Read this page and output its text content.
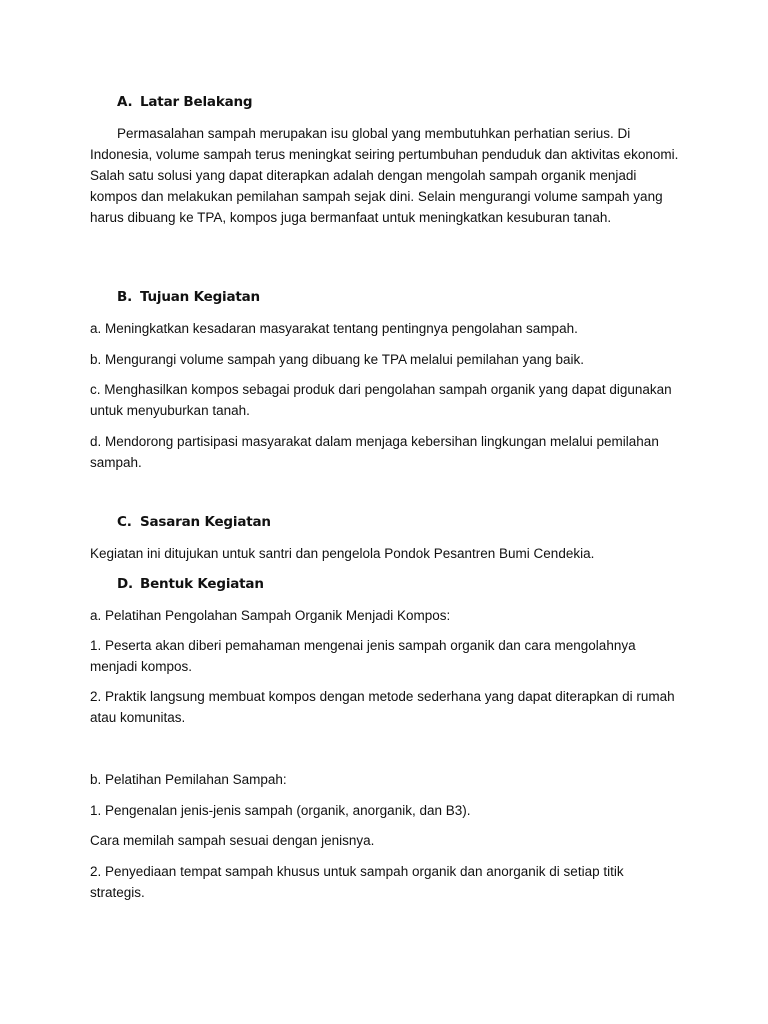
A. Latar Belakang

Permasalahan sampah merupakan isu global yang membutuhkan perhatian serius. Di Indonesia, volume sampah terus meningkat seiring pertumbuhan penduduk dan aktivitas ekonomi. Salah satu solusi yang dapat diterapkan adalah dengan mengolah sampah organik menjadi kompos dan melakukan pemilahan sampah sejak dini. Selain mengurangi volume sampah yang harus dibuang ke TPA, kompos juga bermanfaat untuk meningkatkan kesuburan tanah.

B. Tujuan Kegiatan

a. Meningkatkan kesadaran masyarakat tentang pentingnya pengolahan sampah.

b. Mengurangi volume sampah yang dibuang ke TPA melalui pemilahan yang baik.

c. Menghasilkan kompos sebagai produk dari pengolahan sampah organik yang dapat digunakan untuk menyuburkan tanah.

d. Mendorong partisipasi masyarakat dalam menjaga kebersihan lingkungan melalui pemilahan sampah.

C. Sasaran Kegiatan

Kegiatan ini ditujukan untuk santri dan pengelola Pondok Pesantren Bumi Cendekia.

D. Bentuk Kegiatan

a. Pelatihan Pengolahan Sampah Organik Menjadi Kompos:

1. Peserta akan diberi pemahaman mengenai jenis sampah organik dan cara mengolahnya menjadi kompos.

2. Praktik langsung membuat kompos dengan metode sederhana yang dapat diterapkan di rumah atau komunitas.

b. Pelatihan Pemilahan Sampah:

1. Pengenalan jenis-jenis sampah (organik, anorganik, dan B3).

Cara memilah sampah sesuai dengan jenisnya.

2. Penyediaan tempat sampah khusus untuk sampah organik dan anorganik di setiap titik strategis.
